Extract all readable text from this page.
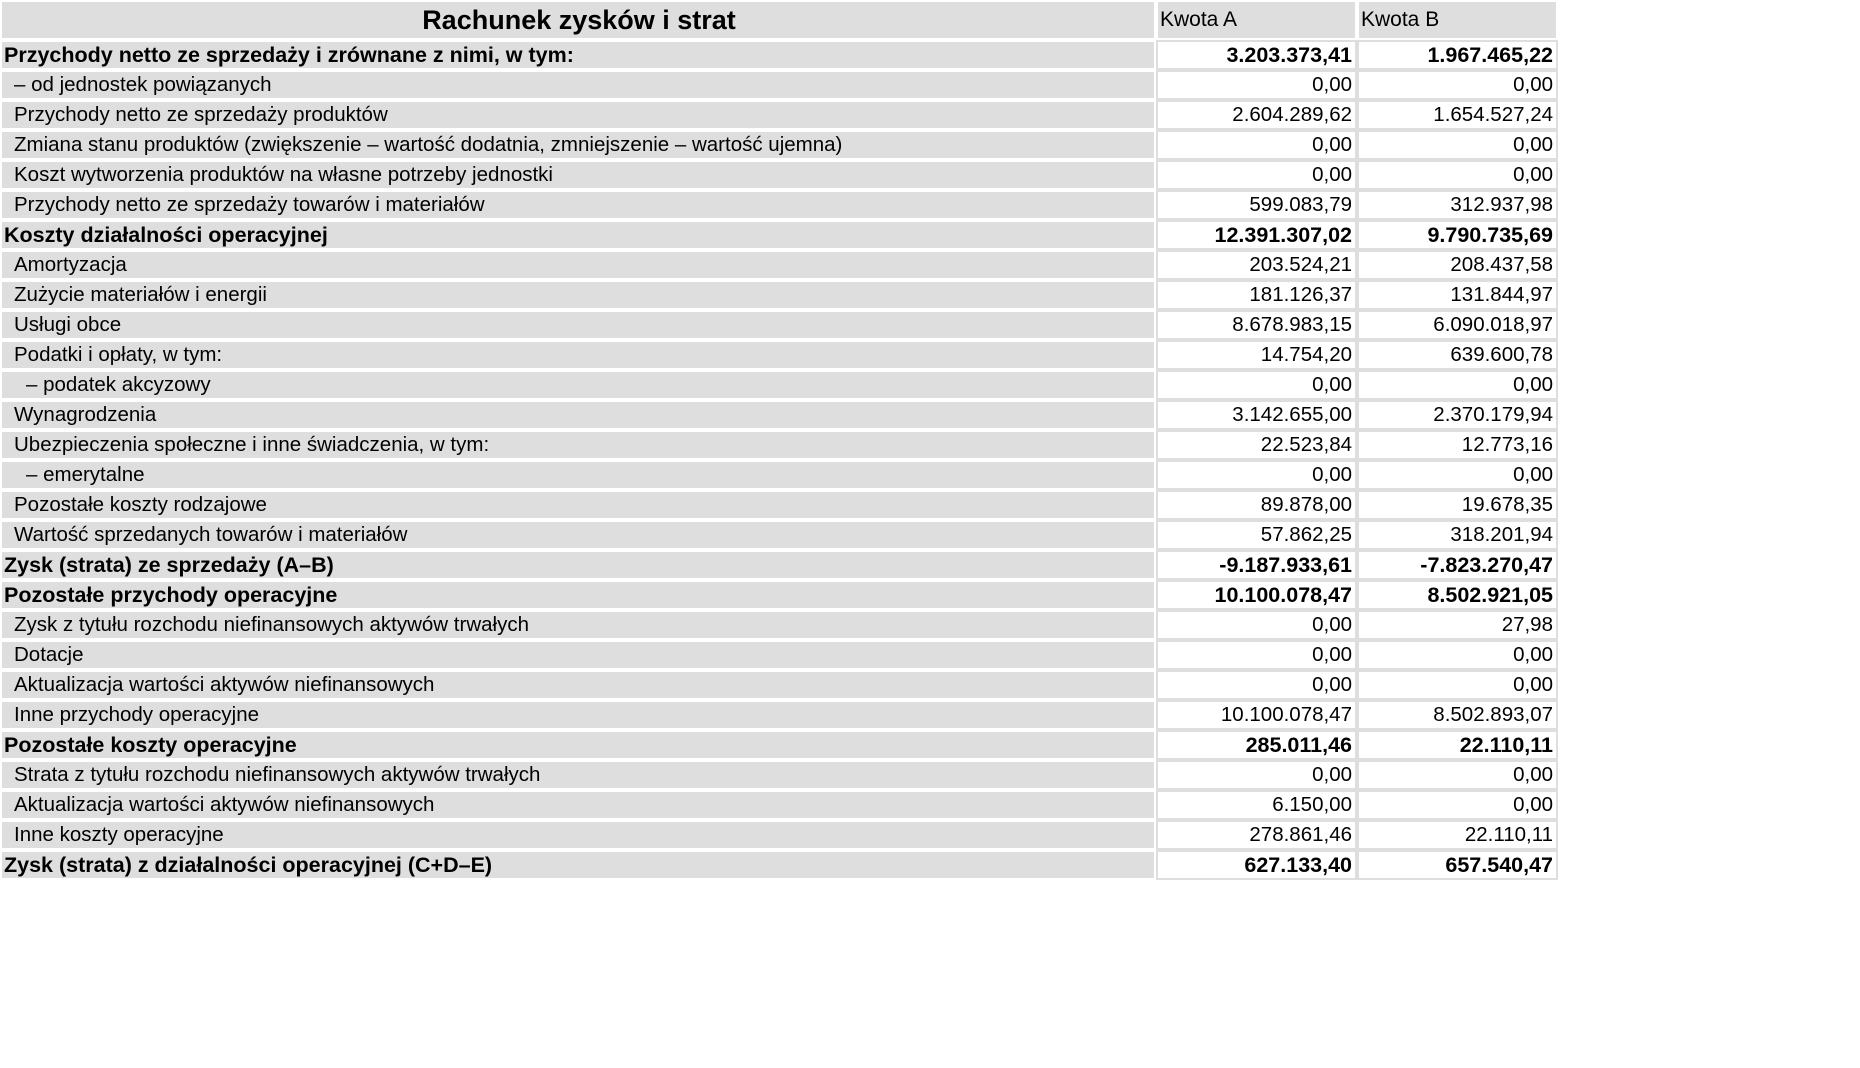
Rachunek zysków i strat	Kwota A	Kwota B
Przychody netto ze sprzedaży i zrównane z nimi, w tym:	3.203.373,41	1.967.465,22
– od jednostek powiązanych	0,00	0,00
Przychody netto ze sprzedaży produktów	2.604.289,62	1.654.527,24
Zmiana stanu produktów (zwiększenie – wartość dodatnia, zmniejszenie – wartość ujemna)	0,00	0,00
Koszt wytworzenia produktów na własne potrzeby jednostki	0,00	0,00
Przychody netto ze sprzedaży towarów i materiałów	599.083,79	312.937,98
Koszty działalności operacyjnej	12.391.307,02	9.790.735,69
Amortyzacja	203.524,21	208.437,58
Zużycie materiałów i energii	181.126,37	131.844,97
Usługi obce	8.678.983,15	6.090.018,97
Podatki i opłaty, w tym:	14.754,20	639.600,78
– podatek akcyzowy	0,00	0,00
Wynagrodzenia	3.142.655,00	2.370.179,94
Ubezpieczenia społeczne i inne świadczenia, w tym:	22.523,84	12.773,16
– emerytalne	0,00	0,00
Pozostałe koszty rodzajowe	89.878,00	19.678,35
Wartość sprzedanych towarów i materiałów	57.862,25	318.201,94
Zysk (strata) ze sprzedaży (A–B)	-9.187.933,61	-7.823.270,47
Pozostałe przychody operacyjne	10.100.078,47	8.502.921,05
Zysk z tytułu rozchodu niefinansowych aktywów trwałych	0,00	27,98
Dotacje	0,00	0,00
Aktualizacja wartości aktywów niefinansowych	0,00	0,00
Inne przychody operacyjne	10.100.078,47	8.502.893,07
Pozostałe koszty operacyjne	285.011,46	22.110,11
Strata z tytułu rozchodu niefinansowych aktywów trwałych	0,00	0,00
Aktualizacja wartości aktywów niefinansowych	6.150,00	0,00
Inne koszty operacyjne	278.861,46	22.110,11
Zysk (strata) z działalności operacyjnej (C+D–E)	627.133,40	657.540,47
